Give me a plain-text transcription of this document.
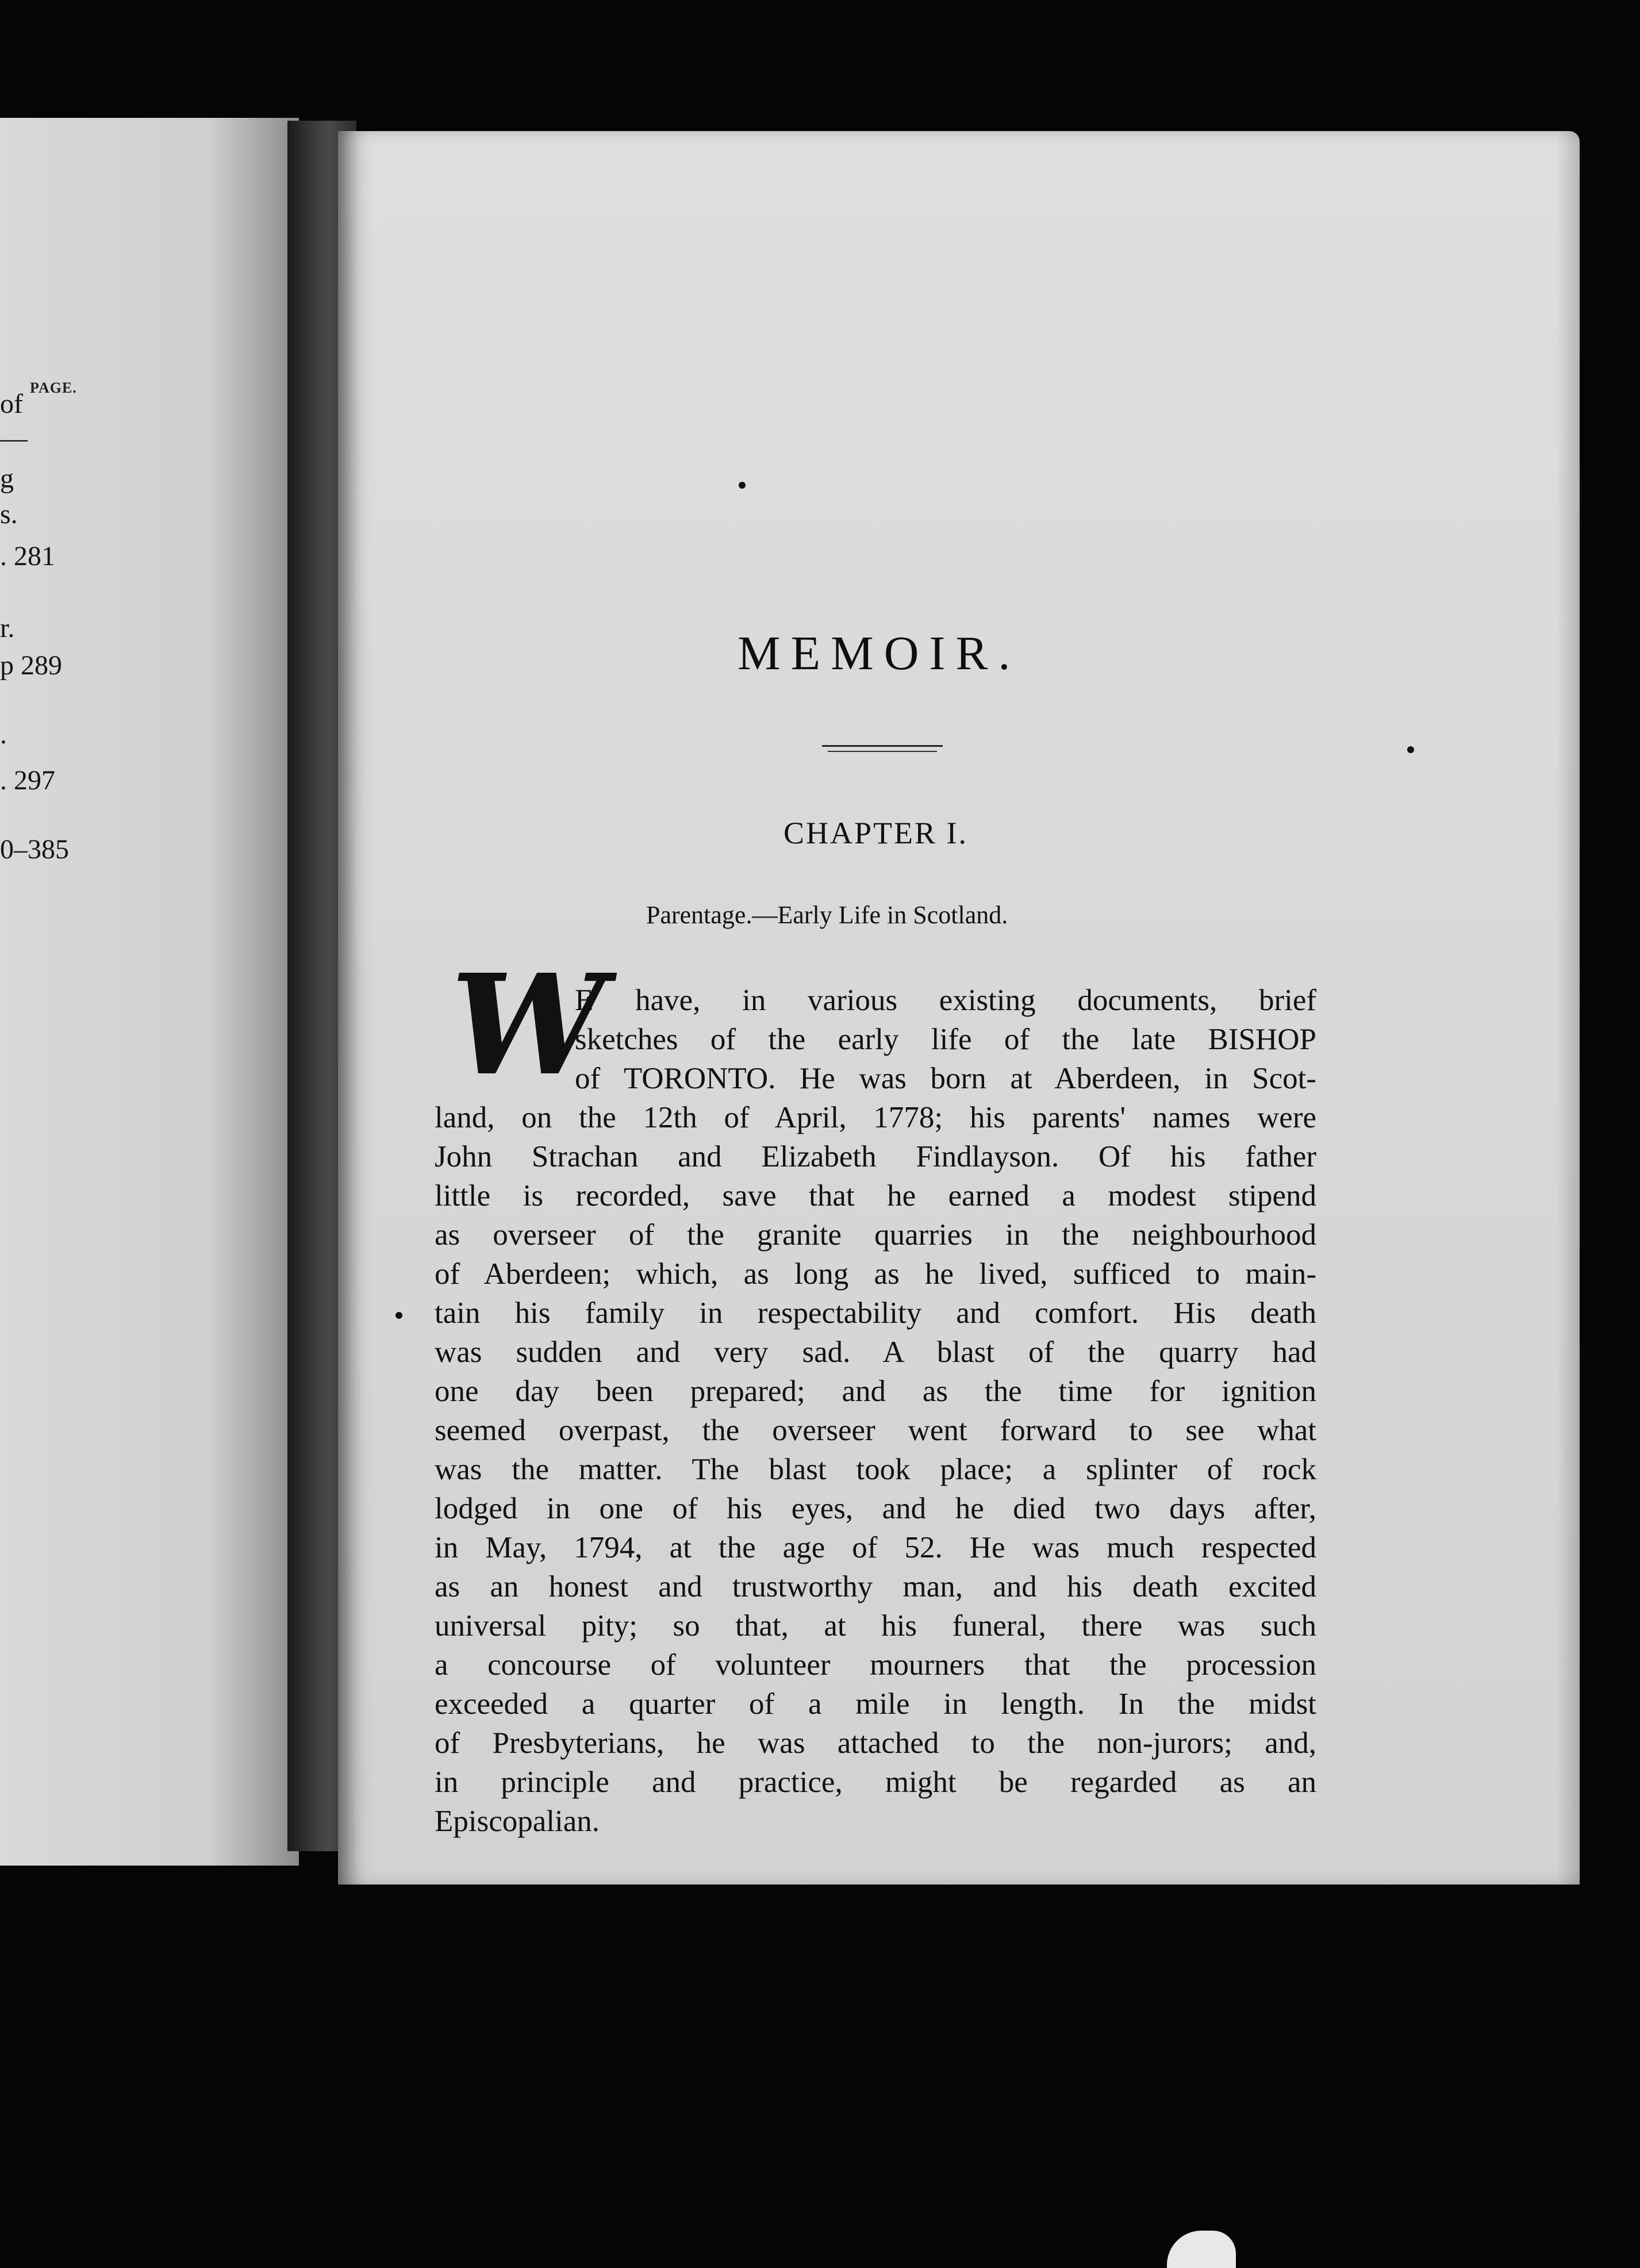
PAGE.
of
—
g
s.
. 281
r.
p 289
.
. 297
0–385
MEMOIR.
CHAPTER I.
Parentage.—Early Life in Scotland.
W
E have, in various existing documents, brief
sketches of the early life of the late BISHOP
of TORONTO. He was born at Aberdeen, in Scot-
land, on the 12th of April, 1778; his parents' names were
John Strachan and Elizabeth Findlayson. Of his father
little is recorded, save that he earned a modest stipend
as overseer of the granite quarries in the neighbourhood
of Aberdeen; which, as long as he lived, sufficed to main-
tain his family in respectability and comfort. His death
was sudden and very sad. A blast of the quarry had
one day been prepared; and as the time for ignition
seemed overpast, the overseer went forward to see what
was the matter. The blast took place; a splinter of rock
lodged in one of his eyes, and he died two days after,
in May, 1794, at the age of 52. He was much respected
as an honest and trustworthy man, and his death excited
universal pity; so that, at his funeral, there was such
a concourse of volunteer mourners that the procession
exceeded a quarter of a mile in length. In the midst
of Presbyterians, he was attached to the non-jurors; and,
in principle and practice, might be regarded as an
Episcopalian.
